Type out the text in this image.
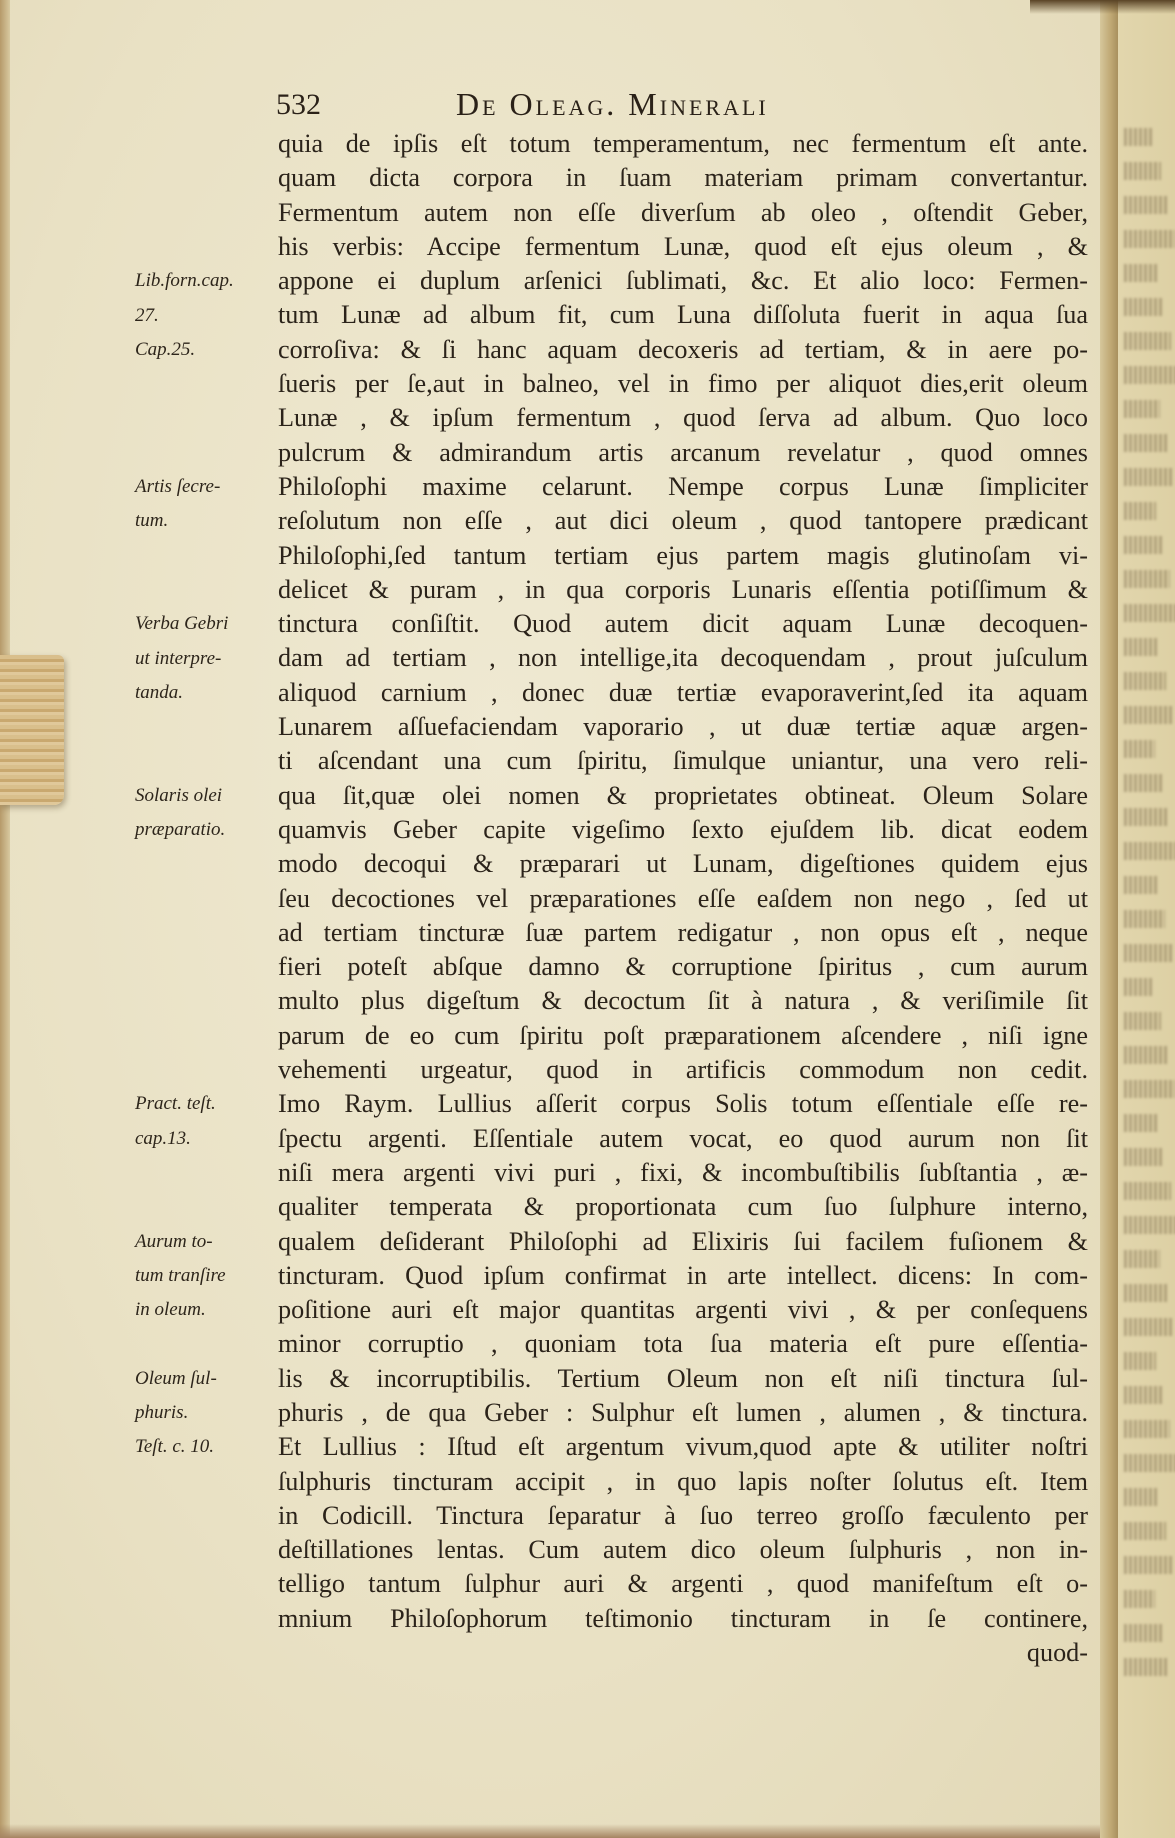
532	De Oleag. Minerali
Lib.forn.cap.
27.
Cap.25.
Artis ſecre-
tum.
Verba Gebri
ut interpre-
tanda.
Solaris olei
præparatio.
Pract. teſt.
cap.13.
Aurum to-
tum tranſire
in oleum.
Oleum ſul-
phuris.
Teſt. c. 10.
quia de ipſis eſt totum temperamentum, nec fermentum eſt ante.
quam dicta corpora in ſuam materiam primam convertantur.
Fermentum autem non eſſe diverſum ab oleo , oſtendit Geber,
his verbis: Accipe fermentum Lunæ, quod eſt ejus oleum , &
appone ei duplum arſenici ſublimati, &c. Et alio loco: Fermen-
tum Lunæ ad album fit, cum Luna diſſoluta fuerit in aqua ſua
corroſiva: & ſi hanc aquam decoxeris ad tertiam, & in aere po-
ſueris per ſe,aut in balneo, vel in fimo per aliquot dies,erit oleum
Lunæ , & ipſum fermentum , quod ſerva ad album. Quo loco
pulcrum & admirandum artis arcanum revelatur , quod omnes
Philoſophi maxime celarunt. Nempe corpus Lunæ ſimpliciter
reſolutum non eſſe , aut dici oleum , quod tantopere prædicant
Philoſophi,ſed tantum tertiam ejus partem magis glutinoſam vi-
delicet & puram , in qua corporis Lunaris eſſentia potiſſimum &
tinctura conſiſtit. Quod autem dicit aquam Lunæ decoquen-
dam ad tertiam , non intellige,ita decoquendam , prout juſculum
aliquod carnium , donec duæ tertiæ evaporaverint,ſed ita aquam
Lunarem aſſuefaciendam vaporario , ut duæ tertiæ aquæ argen-
ti aſcendant una cum ſpiritu, ſimulque uniantur, una vero reli-
qua ſit,quæ olei nomen & proprietates obtineat. Oleum Solare
quamvis Geber capite vigeſimo ſexto ejuſdem lib. dicat eodem
modo decoqui & præparari ut Lunam, digeſtiones quidem ejus
ſeu decoctiones vel præparationes eſſe eaſdem non nego , ſed ut
ad tertiam tincturæ ſuæ partem redigatur , non opus eſt , neque
fieri poteſt abſque damno & corruptione ſpiritus , cum aurum
multo plus digeſtum & decoctum ſit à natura , & veriſimile ſit
parum de eo cum ſpiritu poſt præparationem aſcendere , niſi igne
vehementi urgeatur, quod in artificis commodum non cedit.
Imo Raym. Lullius aſſerit corpus Solis totum eſſentiale eſſe re-
ſpectu argenti. Eſſentiale autem vocat, eo quod aurum non ſit
niſi mera argenti vivi puri , fixi, & incombuſtibilis ſubſtantia , æ-
qualiter temperata & proportionata cum ſuo ſulphure interno,
qualem deſiderant Philoſophi ad Elixiris ſui facilem fuſionem &
tincturam. Quod ipſum confirmat in arte intellect. dicens: In com-
poſitione auri eſt major quantitas argenti vivi , & per conſequens
minor corruptio , quoniam tota ſua materia eſt pure eſſentia-
lis & incorruptibilis. Tertium Oleum non eſt niſi tinctura ſul-
phuris , de qua Geber : Sulphur eſt lumen , alumen , & tinctura.
Et Lullius : Iſtud eſt argentum vivum,quod apte & utiliter noſtri
ſulphuris tincturam accipit , in quo lapis noſter ſolutus eſt. Item
in Codicill. Tinctura ſeparatur à ſuo terreo groſſo fæculento per
deſtillationes lentas. Cum autem dico oleum ſulphuris , non in-
telligo tantum ſulphur auri & argenti , quod manifeſtum eſt o-
mnium Philoſophorum teſtimonio tincturam in ſe continere,
quod-
